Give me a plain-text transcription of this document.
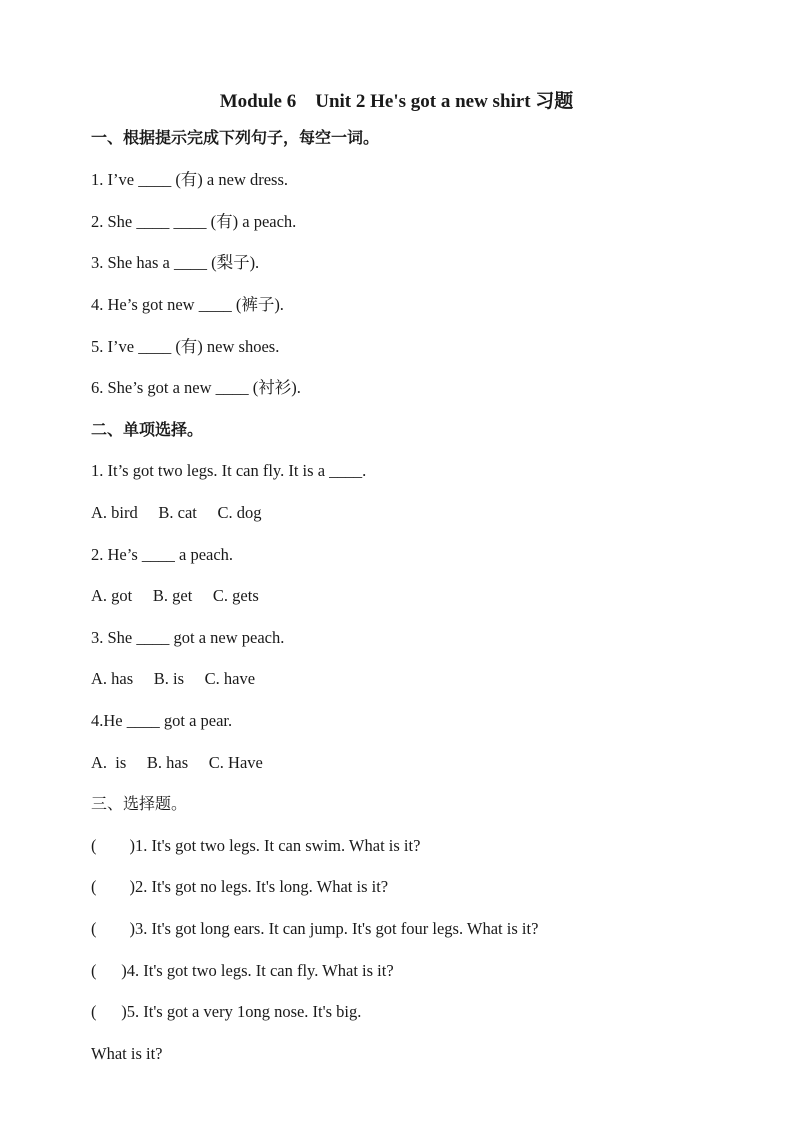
Module 6    Unit 2 He's got a new shirt 习题
一、根据提示完成下列句子，每空一词。
1. I’ve ____ (有) a new dress.
2. She ____ ____ (有) a peach.
3. She has a ____ (梨子).
4. He’s got new ____ (裤子).
5. I’ve ____ (有) new shoes.
6. She’s got a new ____ (衬衫).
二、单项选择。
1. It’s got two legs. It can fly. It is a ____.
A. bird     B. cat     C. dog
2. He’s ____ a peach.
A. got     B. get     C. gets
3. She ____ got a new peach.
A. has     B. is     C. have
4.He ____ got a pear.
A.  is     B. has     C. Have
三、选择题。
(        )1. It's got two legs. It can swim. What is it?
(        )2. It's got no legs. It's long. What is it?
(        )3. It's got long ears. It can jump. It's got four legs. What is it?
(      )4. It's got two legs. It can fly. What is it?
(      )5. It's got a very 1ong nose. It's big.
What is it?
